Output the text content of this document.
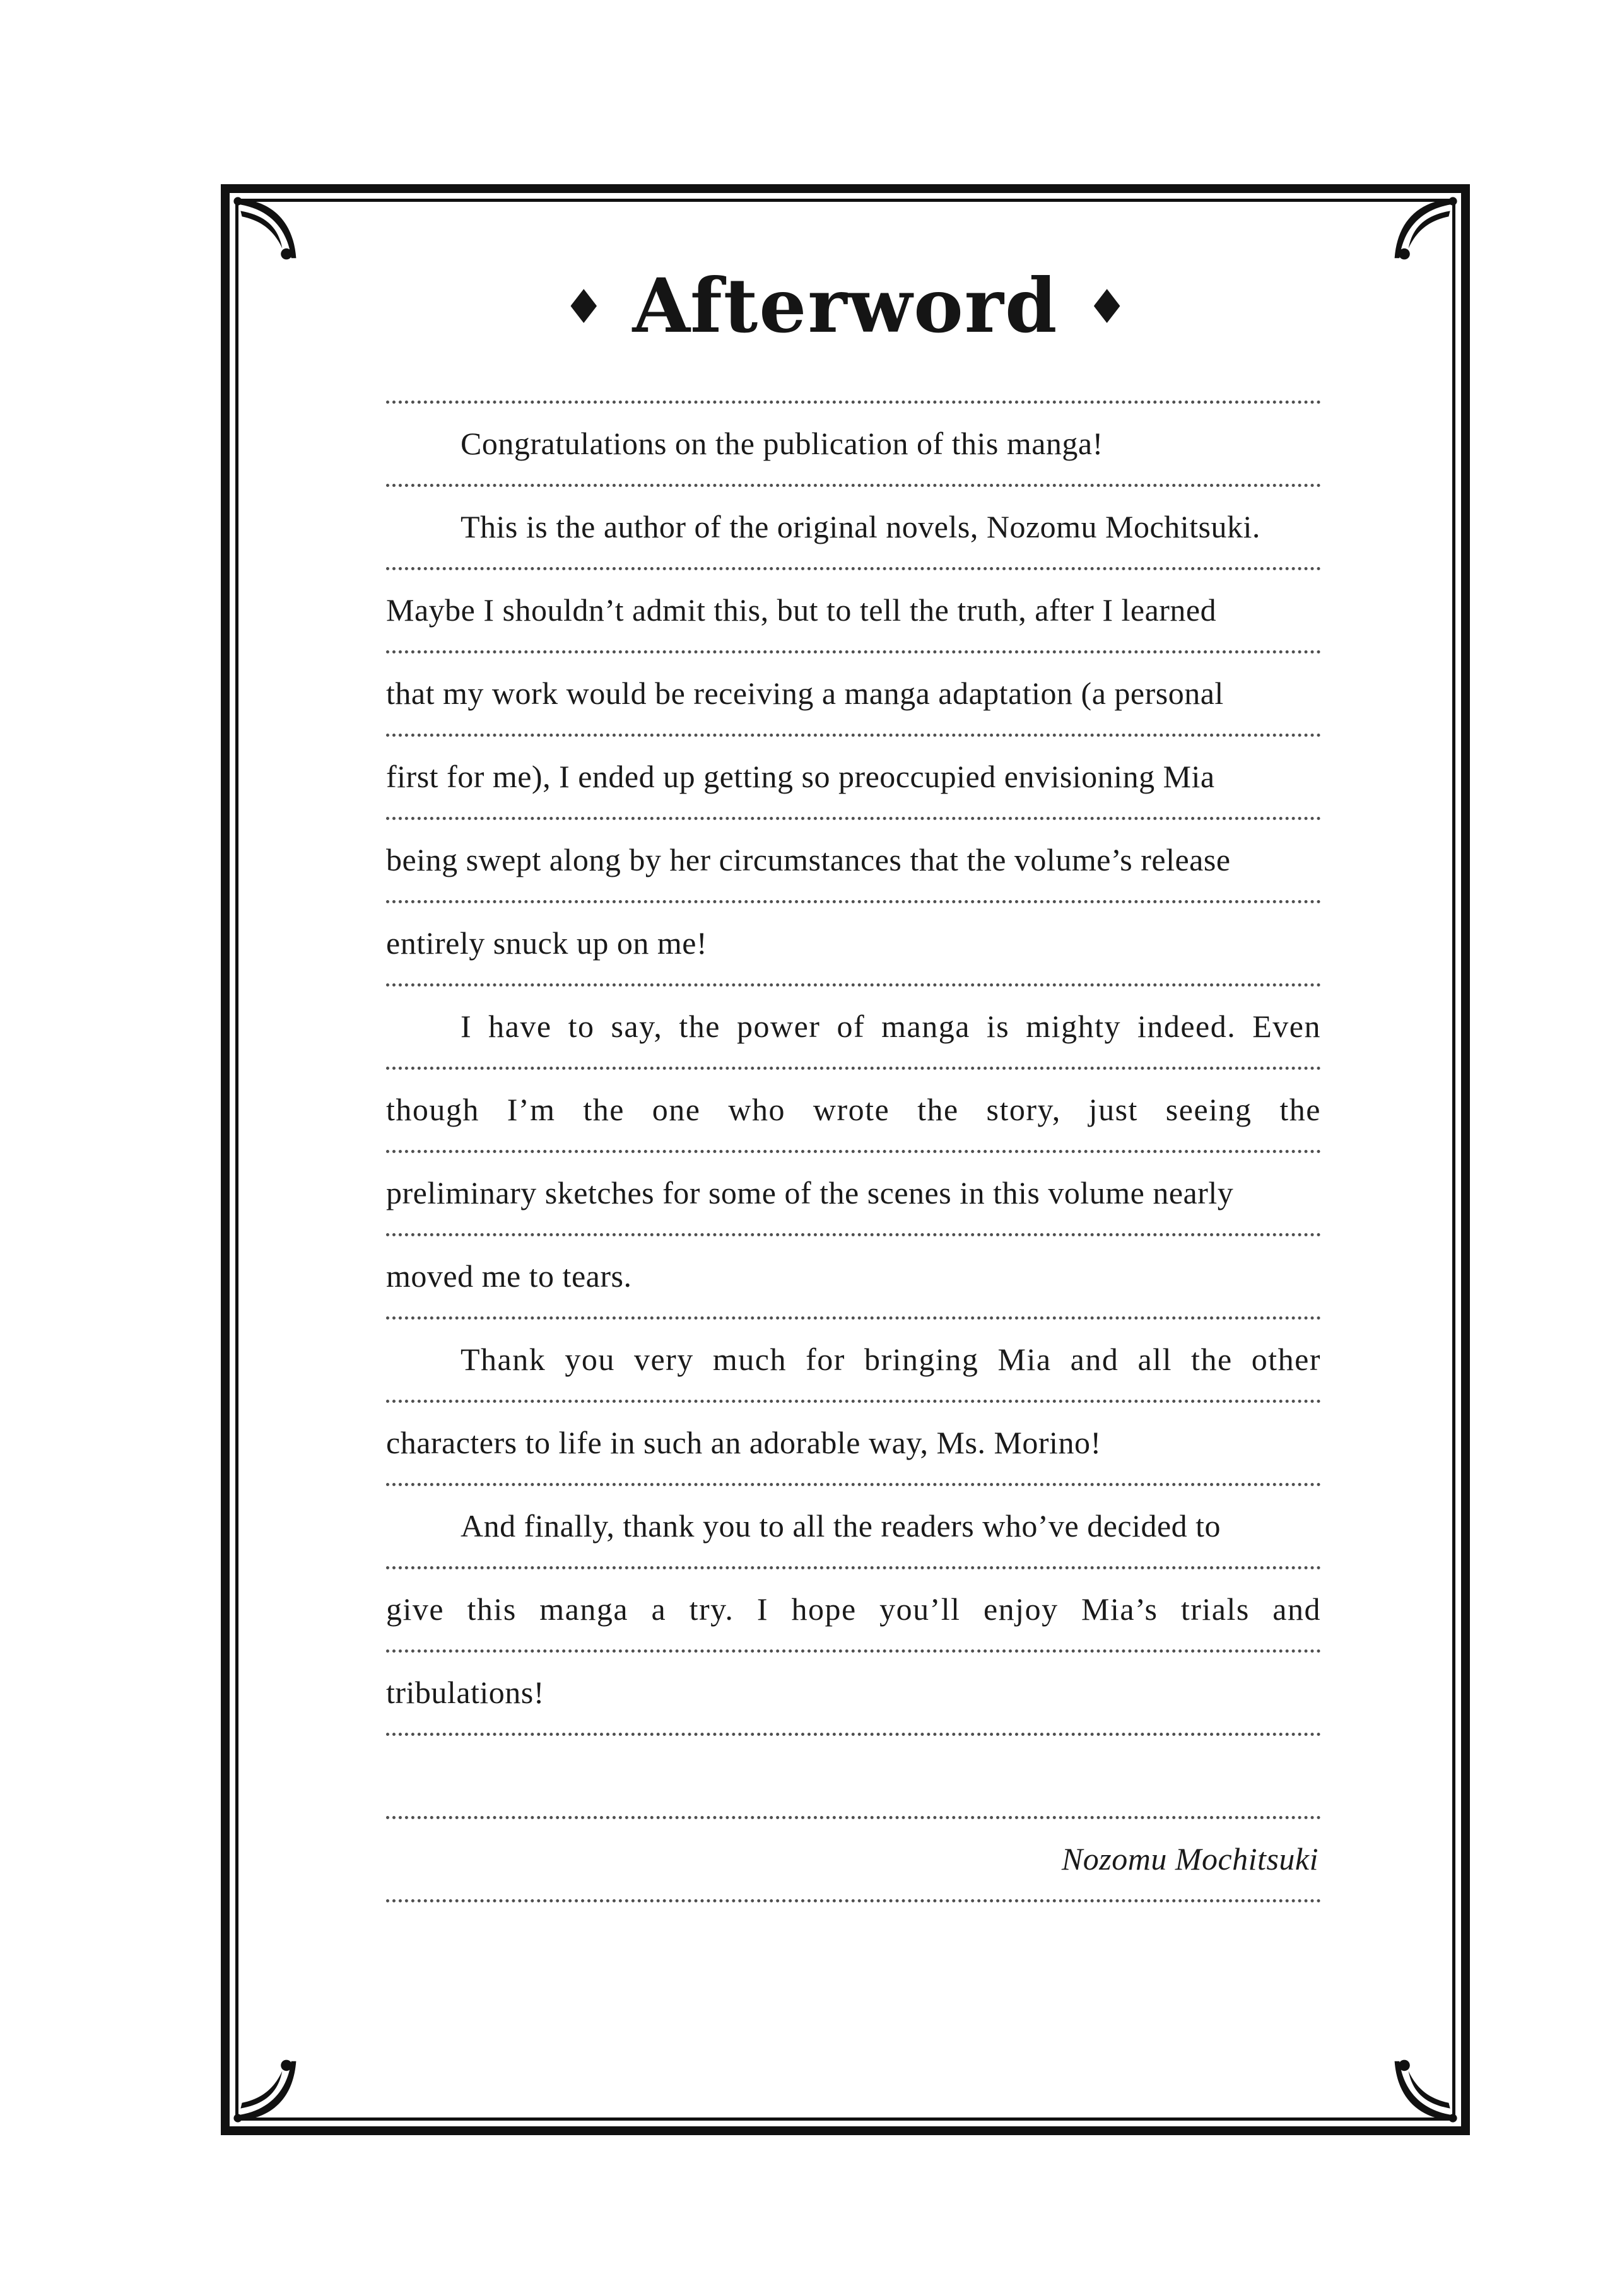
♦ Afterword ♦
Congratulations on the publication of this manga!
This is the author of the original novels, Nozomu Mochitsuki.
Maybe I shouldn’t admit this, but to tell the truth, after I learned
that my work would be receiving a manga adaptation (a personal
first for me), I ended up getting so preoccupied envisioning Mia
being swept along by her circumstances that the volume’s release
entirely snuck up on me!
I have to say, the power of manga is mighty indeed. Even
though I’m the one who wrote the story, just seeing the
preliminary sketches for some of the scenes in this volume nearly
moved me to tears.
Thank you very much for bringing Mia and all the other
characters to life in such an adorable way, Ms. Morino!
And finally, thank you to all the readers who’ve decided to
give this manga a try. I hope you’ll enjoy Mia’s trials and
tribulations!
Nozomu Mochitsuki
